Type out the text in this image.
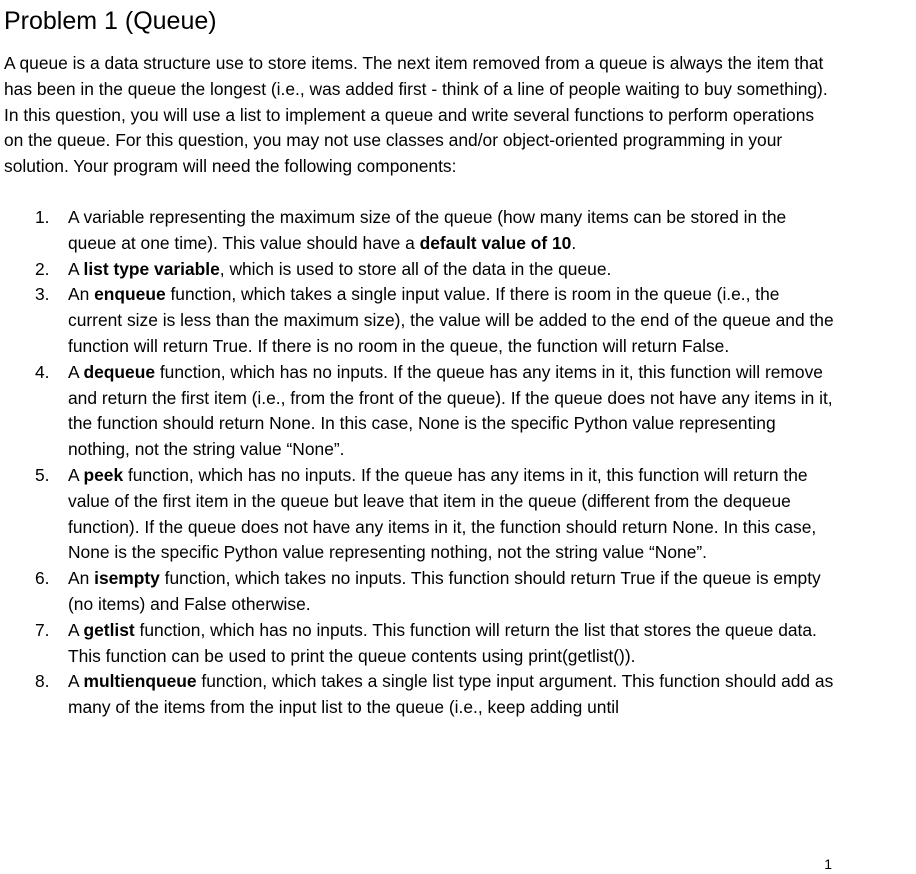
Problem 1 (Queue)

A queue is a data structure use to store items. The next item removed from a queue is always the item that has been in the queue the longest (i.e., was added first - think of a line of people waiting to buy something). In this question, you will use a list to implement a queue and write several functions to perform operations on the queue. For this question, you may not use classes and/or object-oriented programming in your solution. Your program will need the following components:

1. A variable representing the maximum size of the queue (how many items can be stored in the queue at one time). This value should have a default value of 10.
2. A list type variable, which is used to store all of the data in the queue.
3. An enqueue function, which takes a single input value. If there is room in the queue (i.e., the current size is less than the maximum size), the value will be added to the end of the queue and the function will return True. If there is no room in the queue, the function will return False.
4. A dequeue function, which has no inputs. If the queue has any items in it, this function will remove and return the first item (i.e., from the front of the queue). If the queue does not have any items in it, the function should return None. In this case, None is the specific Python value representing nothing, not the string value “None”.
5. A peek function, which has no inputs. If the queue has any items in it, this function will return the value of the first item in the queue but leave that item in the queue (different from the dequeue function). If the queue does not have any items in it, the function should return None. In this case, None is the specific Python value representing nothing, not the string value “None”.
6. An isempty function, which takes no inputs. This function should return True if the queue is empty (no items) and False otherwise.
7. A getlist function, which has no inputs. This function will return the list that stores the queue data. This function can be used to print the queue contents using print(getlist()).
8. A multienqueue function, which takes a single list type input argument. This function should add as many of the items from the input list to the queue (i.e., keep adding until
1
